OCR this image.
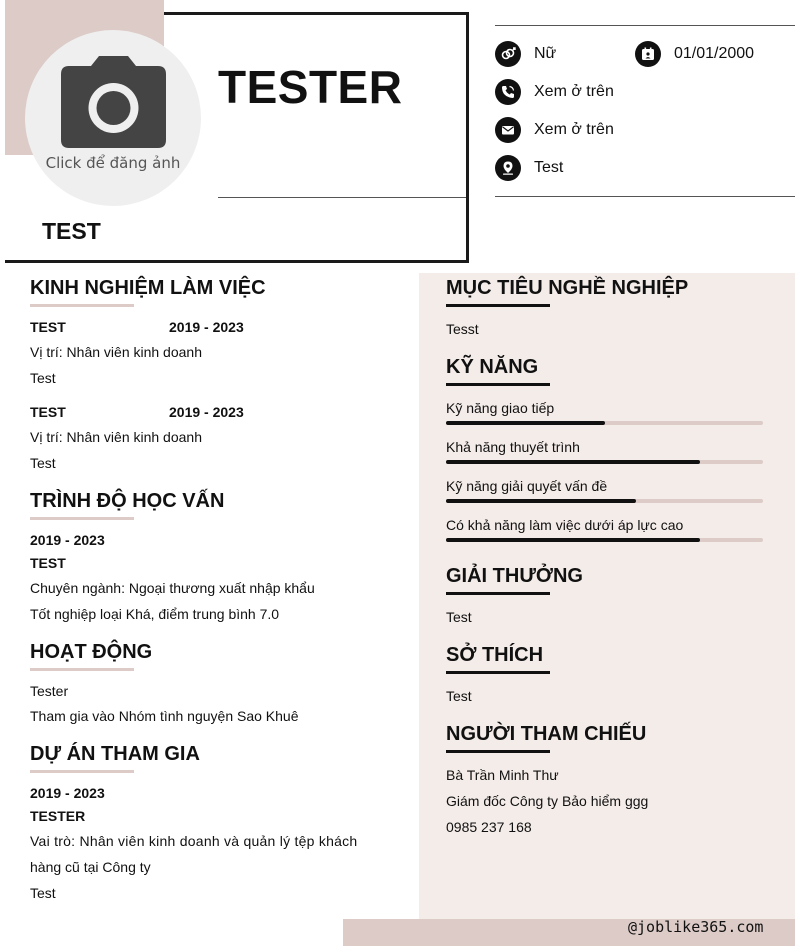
Click để đăng ảnh
TESTER
TEST
Nữ	01/01/2000
Xem ở trên
Xem ở trên
Test
KINH NGHIỆM LÀM VIỆC
TEST	2019 - 2023
Vị trí: Nhân viên kinh doanh
Test
TEST	2019 - 2023
Vị trí: Nhân viên kinh doanh
Test
TRÌNH ĐỘ HỌC VẤN
2019 - 2023
TEST
Chuyên ngành: Ngoại thương xuất nhập khẩu
Tốt nghiệp loại Khá, điểm trung bình 7.0
HOẠT ĐỘNG
Tester
Tham gia vào Nhóm tình nguyện Sao Khuê
DỰ ÁN THAM GIA
2019 - 2023
TESTER
Vai trò: Nhân viên kinh doanh và quản lý tệp khách
hàng cũ tại Công ty
Test
MỤC TIÊU NGHỀ NGHIỆP
Tesst
KỸ NĂNG
Kỹ năng giao tiếp
Khả năng thuyết trình
Kỹ năng giải quyết vấn đề
Có khả năng làm việc dưới áp lực cao
GIẢI THƯỞNG
Test
SỞ THÍCH
Test
NGƯỜI THAM CHIẾU
Bà Trần Minh Thư
Giám đốc Công ty Bảo hiểm ggg
0985 237 168
@joblike365.com
